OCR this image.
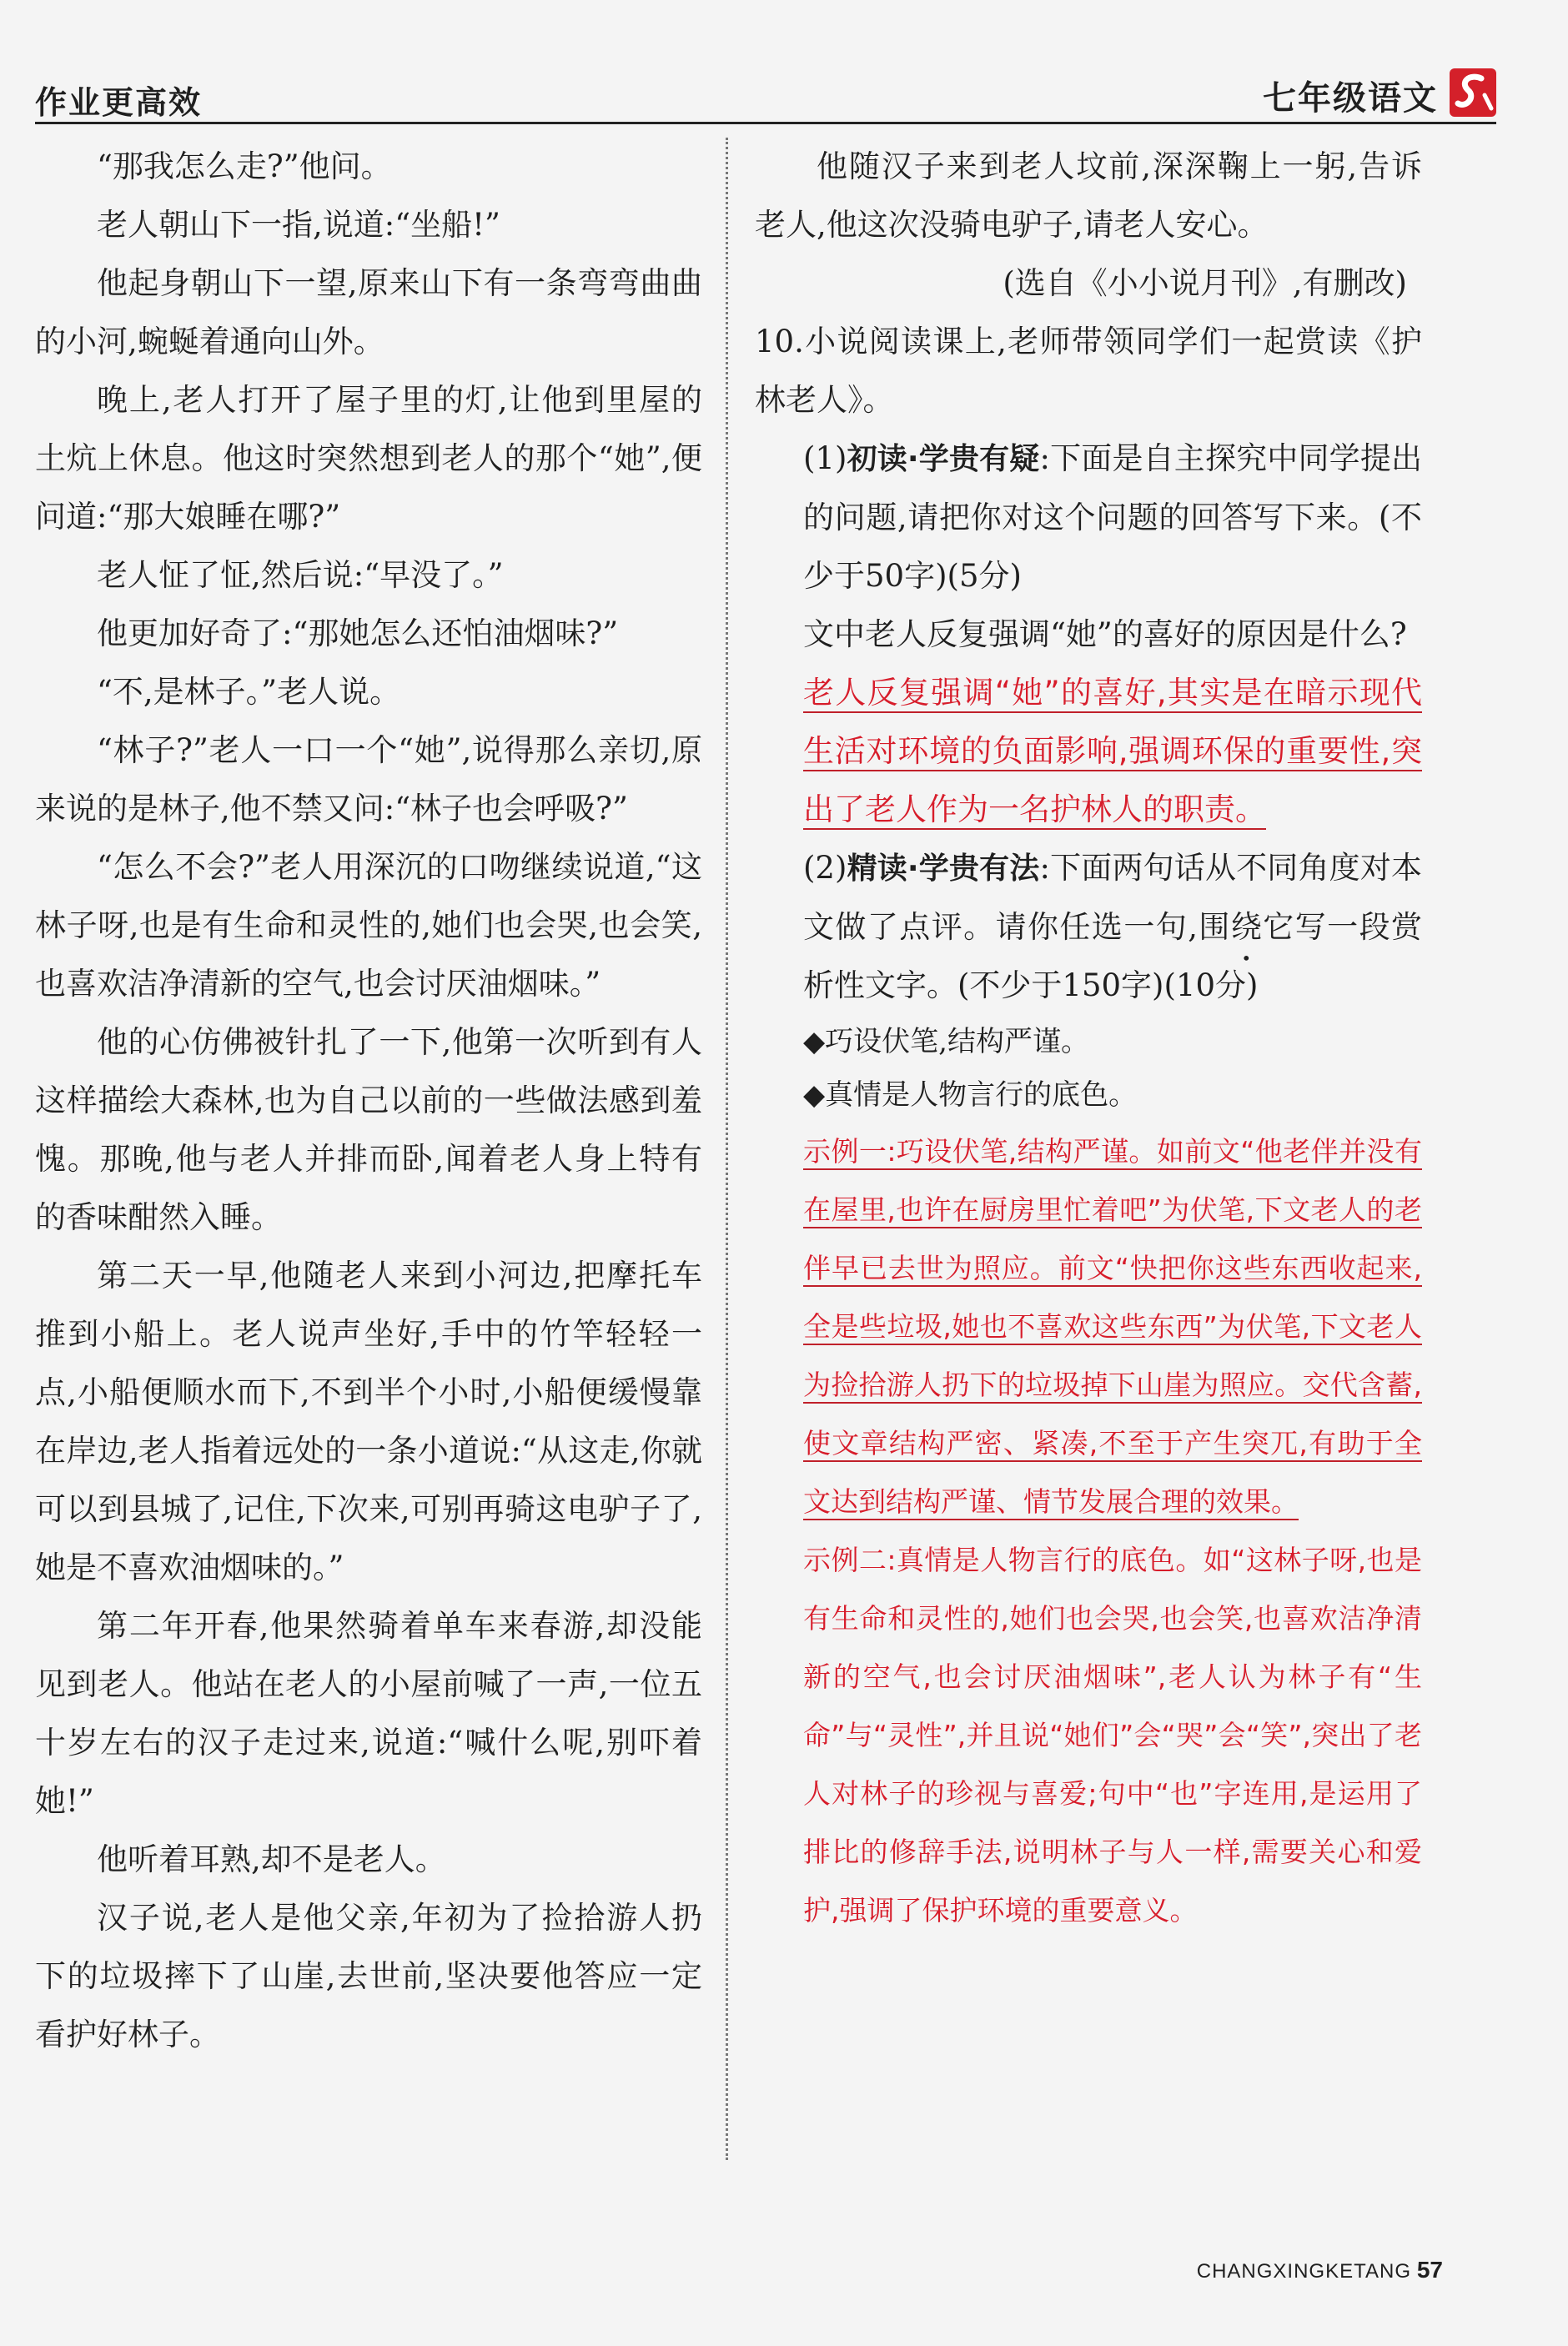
作业更高效	七年级语文

“那我怎么走?”他问。

老人朝山下一指,说道:“坐船!”

他起身朝山下一望,原来山下有一条弯弯曲曲的小河,蜿蜒着通向山外。

晚上,老人打开了屋子里的灯,让他到里屋的土炕上休息。他这时突然想到老人的那个“她”,便问道:“那大娘睡在哪?”

老人怔了怔,然后说:“早没了。”

他更加好奇了:“那她怎么还怕油烟味?”

“不,是林子。”老人说。

“林子?”老人一口一个“她”,说得那么亲切,原来说的是林子,他不禁又问:“林子也会呼吸?”

“怎么不会?”老人用深沉的口吻继续说道,“这林子呀,也是有生命和灵性的,她们也会哭,也会笑,也喜欢洁净清新的空气,也会讨厌油烟味。”

他的心仿佛被针扎了一下,他第一次听到有人这样描绘大森林,也为自己以前的一些做法感到羞愧。那晚,他与老人并排而卧,闻着老人身上特有的香味酣然入睡。

第二天一早,他随老人来到小河边,把摩托车推到小船上。老人说声坐好,手中的竹竿轻轻一点,小船便顺水而下,不到半个小时,小船便缓慢靠在岸边,老人指着远处的一条小道说:“从这走,你就可以到县城了,记住,下次来,可别再骑这电驴子了,她是不喜欢油烟味的。”

第二年开春,他果然骑着单车来春游,却没能见到老人。他站在老人的小屋前喊了一声,一位五十岁左右的汉子走过来,说道:“喊什么呢,别吓着她!”

他听着耳熟,却不是老人。

汉子说,老人是他父亲,年初为了捡拾游人扔下的垃圾摔下了山崖,去世前,坚决要他答应一定看护好林子。

他随汉子来到老人坟前,深深鞠上一躬,告诉老人,他这次没骑电驴子,请老人安心。

(选自《小小说月刊》,有删改)

10.小说阅读课上,老师带领同学们一起赏读《护林老人》。

(1)初读·学贵有疑:下面是自主探究中同学提出的问题,请把你对这个问题的回答写下来。(不少于50字)(5分)

文中老人反复强调“她”的喜好的原因是什么?

老人反复强调“她”的喜好,其实是在暗示现代生活对环境的负面影响,强调环保的重要性,突出了老人作为一名护林人的职责。

(2)精读·学贵有法:下面两句话从不同角度对本文做了点评。请你任选一句,围绕它写一段赏析性文字。(不少于150字)(10分)

◆巧设伏笔,结构严谨。

◆真情是人物言行的底色。

示例一:巧设伏笔,结构严谨。如前文“他老伴并没有在屋里,也许在厨房里忙着吧”为伏笔,下文老人的老伴早已去世为照应。前文“快把你这些东西收起来,全是些垃圾,她也不喜欢这些东西”为伏笔,下文老人为捡拾游人扔下的垃圾掉下山崖为照应。交代含蓄,使文章结构严密、紧凑,不至于产生突兀,有助于全文达到结构严谨、情节发展合理的效果。

示例二:真情是人物言行的底色。如“这林子呀,也是有生命和灵性的,她们也会哭,也会笑,也喜欢洁净清新的空气,也会讨厌油烟味”,老人认为林子有“生命”与“灵性”,并且说“她们”会“哭”会“笑”,突出了老人对林子的珍视与喜爱;句中“也”字连用,是运用了排比的修辞手法,说明林子与人一样,需要关心和爱护,强调了保护环境的重要意义。

CHANGXINGKETANG 57
